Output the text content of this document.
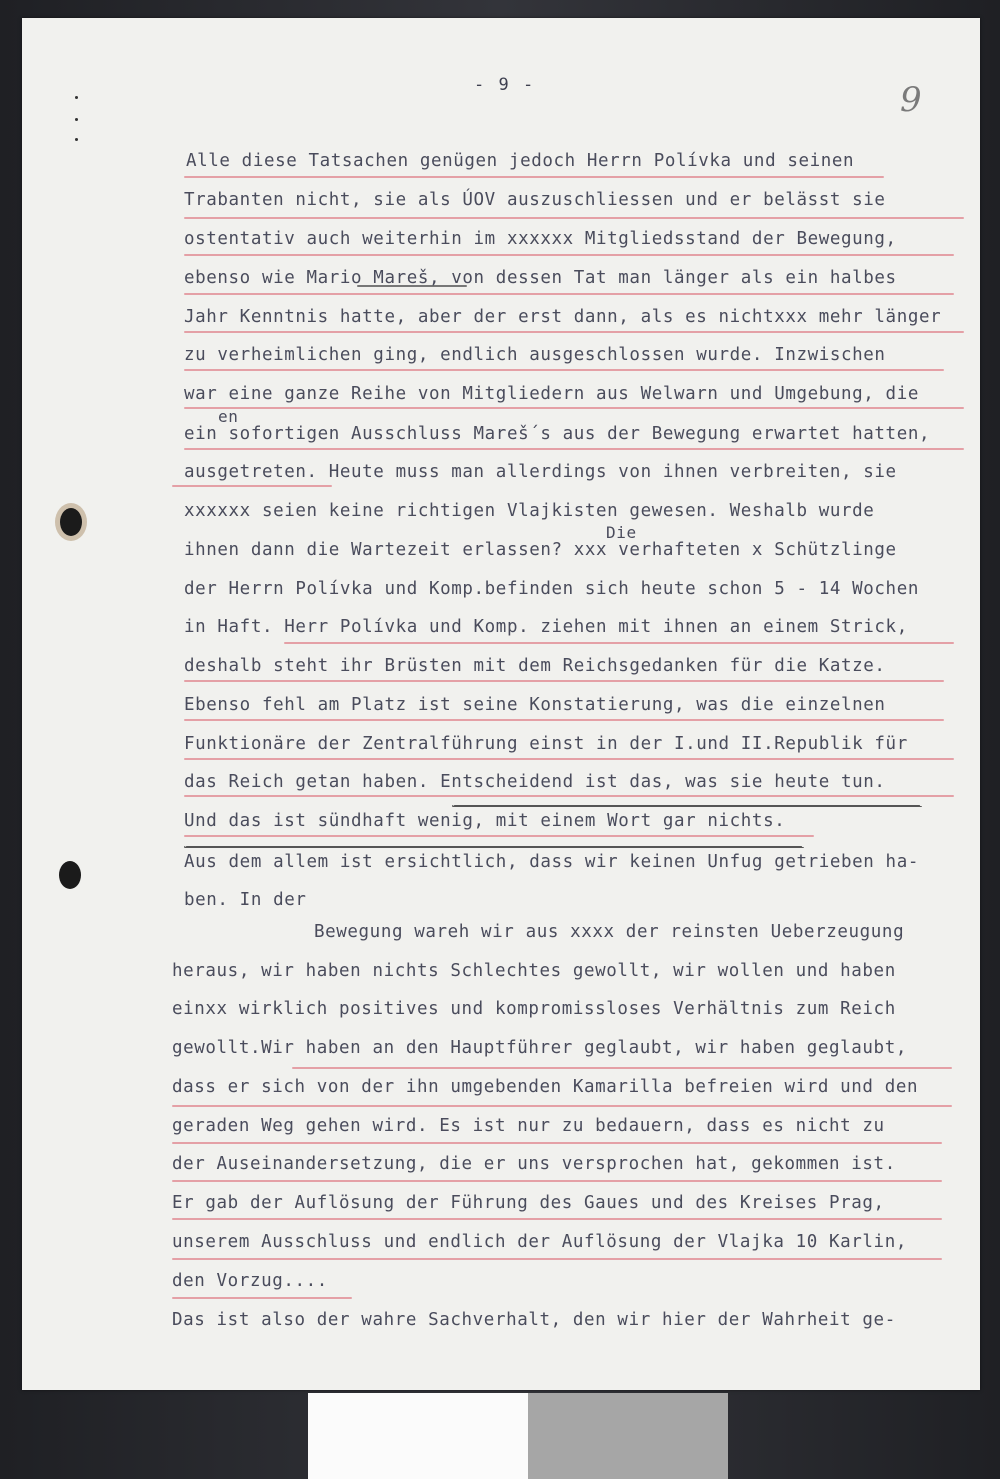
- 9 -	9
Alle diese Tatsachen genügen jedoch Herrn Polívka und seinen
Trabanten nicht, sie als ÚOV auszuschliessen und er belässt sie
ostentativ auch weiterhin im xxxxxx Mitgliedsstand der Bewegung,
ebenso wie Mario Mareš, von dessen Tat man länger als ein halbes
Jahr Kenntnis hatte, aber der erst dann, als es nichtxxx mehr länger
zu verheimlichen ging, endlich ausgeschlossen wurde. Inzwischen
war eine ganze Reihe von Mitgliedern aus Welwarn und Umgebung, die
en
ein sofortigen Ausschluss Mareš´s aus der Bewegung erwartet hatten,
ausgetreten. Heute muss man allerdings von ihnen verbreiten, sie
xxxxxx seien keine richtigen Vlajkisten gewesen. Weshalb wurde
Die
ihnen dann die Wartezeit erlassen? xxx verhafteten x Schützlinge
der Herrn Polívka und Komp.befinden sich heute schon 5 - 14 Wochen
in Haft. Herr Polívka und Komp. ziehen mit ihnen an einem Strick,
deshalb steht ihr Brüsten mit dem Reichsgedanken für die Katze.
Ebenso fehl am Platz ist seine Konstatierung, was die einzelnen
Funktionäre der Zentralführung einst in der I.und II.Republik für
das Reich getan haben. Entscheidend ist das, was sie heute tun.
Und das ist sündhaft wenig, mit einem Wort gar nichts.
Aus dem allem ist ersichtlich, dass wir keinen Unfug getrieben ha-
ben. In der
Bewegung wareh wir aus xxxx der reinsten Ueberzeugung
heraus, wir haben nichts Schlechtes gewollt, wir wollen und haben
einxx wirklich positives und kompromissloses Verhältnis zum Reich
gewollt.Wir haben an den Hauptführer geglaubt, wir haben geglaubt,
dass er sich von der ihn umgebenden Kamarilla befreien wird und den
geraden Weg gehen wird. Es ist nur zu bedauern, dass es nicht zu
der Auseinandersetzung, die er uns versprochen hat, gekommen ist.
Er gab der Auflösung der Führung des Gaues und des Kreises Prag,
unserem Ausschluss und endlich der Auflösung der Vlajka 10 Karlin,
den Vorzug....
Das ist also der wahre Sachverhalt, den wir hier der Wahrheit ge-
